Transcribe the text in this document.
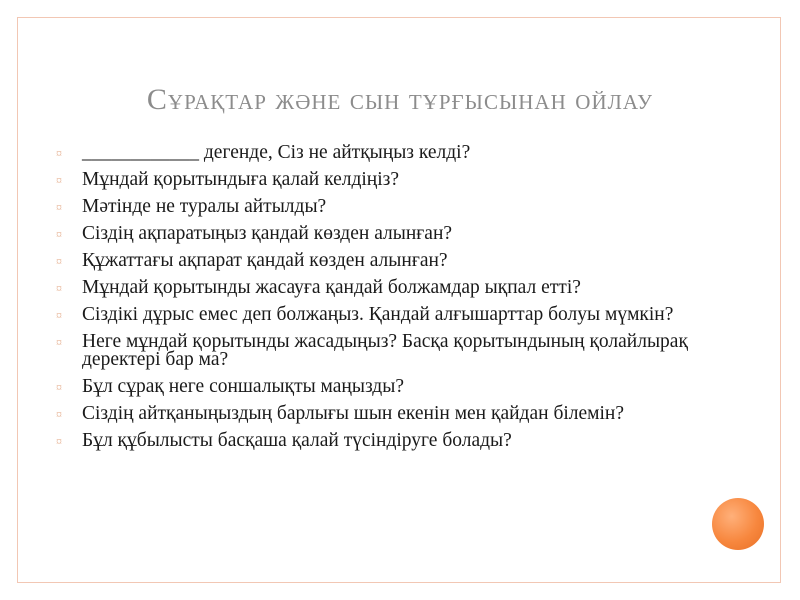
Сұрақтар және сын тұрғысынан ойлау
¤ ____________ дегенде, Сіз не айтқыңыз келді?
¤ Мұндай қорытындыға қалай келдіңіз?
¤ Мәтінде не туралы айтылды?
¤ Сіздің ақпаратыңыз қандай көзден алынған?
¤ Құжаттағы ақпарат қандай көзден алынған?
¤ Мұндай қорытынды жасауға қандай болжамдар ықпал етті?
¤ Сіздікі дұрыс емес деп болжаңыз. Қандай алғышарттар болуы мүмкін?
¤ Неге мұндай қорытынды жасадыңыз? Басқа қорытындының қолайлырақ деректері бар ма?
¤ Бұл сұрақ неге соншалықты маңызды?
¤ Сіздің айтқаныңыздың барлығы шын екенін мен қайдан білемін?
¤ Бұл құбылысты басқаша қалай түсіндіруге болады?
